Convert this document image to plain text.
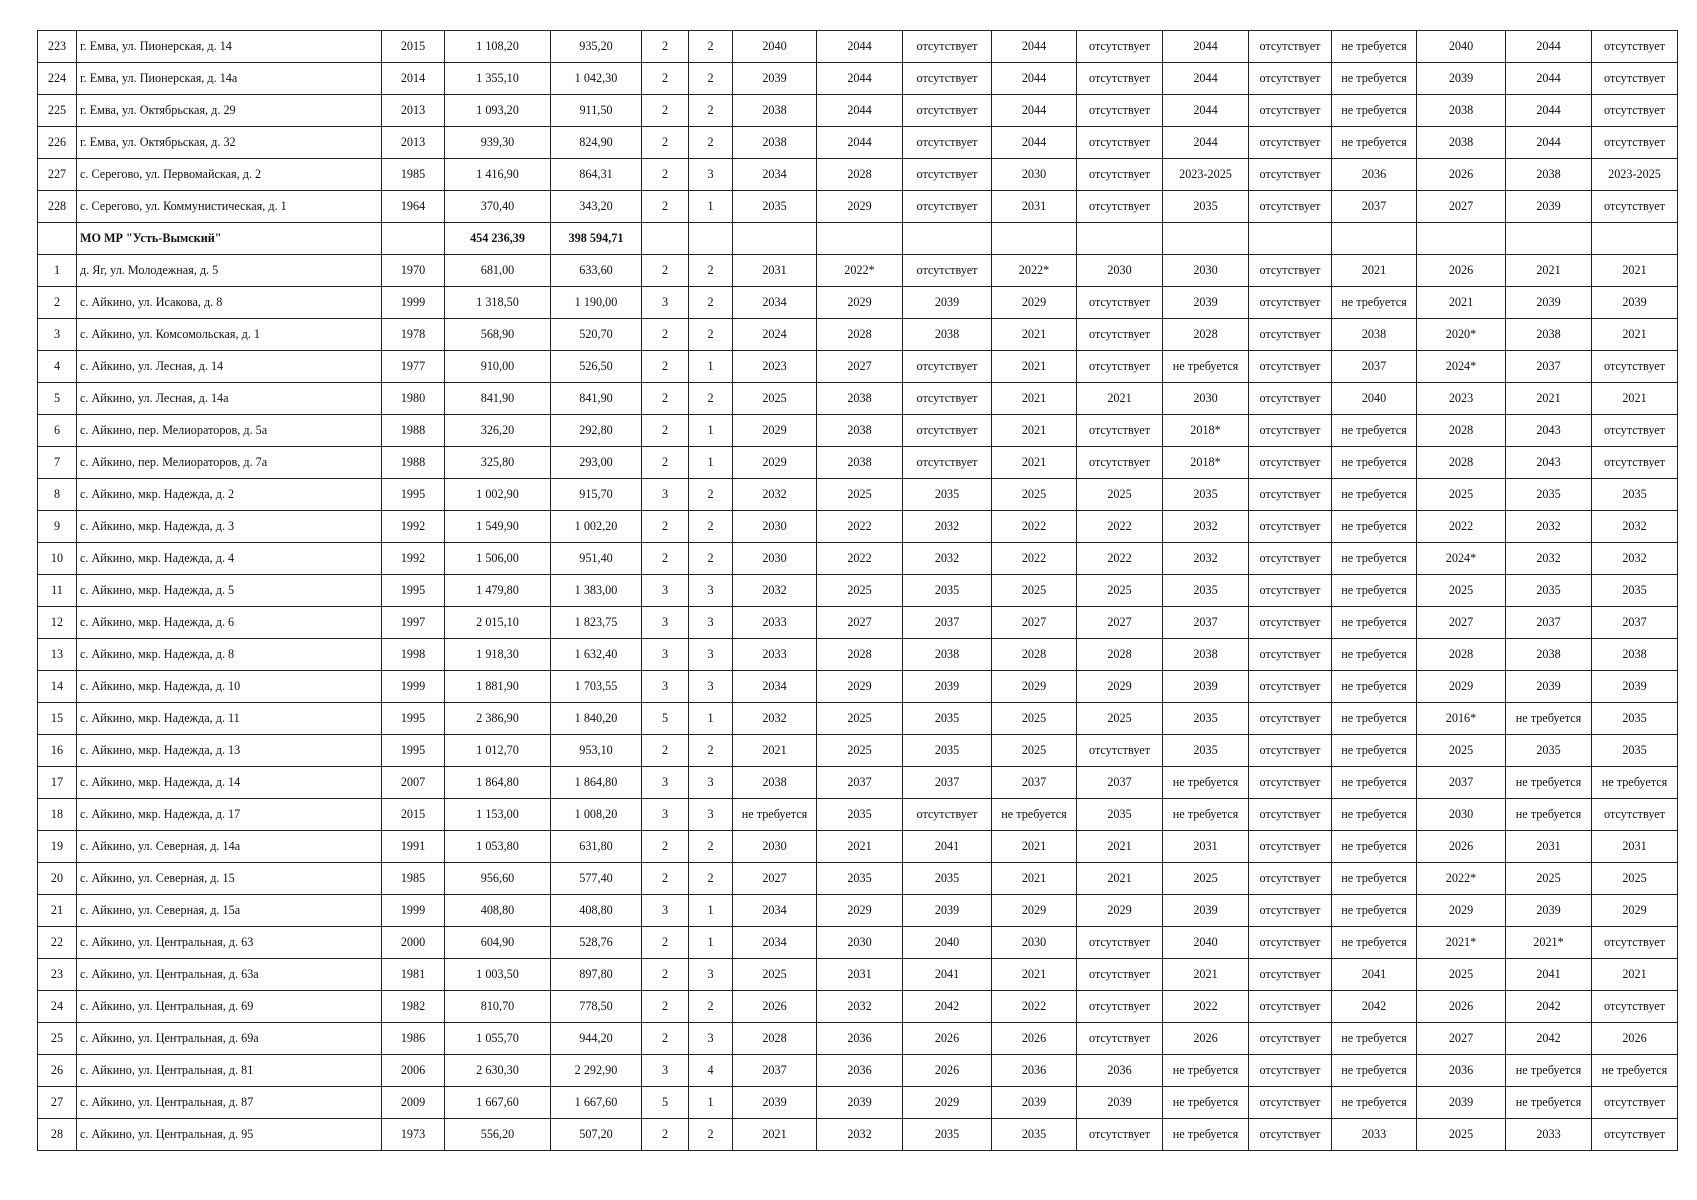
223	г. Емва, ул. Пионерская, д. 14	2015	1 108,20	935,20	2	2	2040	2044	отсутствует	2044	отсутствует	2044	отсутствует	не требуется	2040	2044	отсутствует
224	г. Емва, ул. Пионерская, д. 14а	2014	1 355,10	1 042,30	2	2	2039	2044	отсутствует	2044	отсутствует	2044	отсутствует	не требуется	2039	2044	отсутствует
225	г. Емва, ул. Октябрьская, д. 29	2013	1 093,20	911,50	2	2	2038	2044	отсутствует	2044	отсутствует	2044	отсутствует	не требуется	2038	2044	отсутствует
226	г. Емва, ул. Октябрьская, д. 32	2013	939,30	824,90	2	2	2038	2044	отсутствует	2044	отсутствует	2044	отсутствует	не требуется	2038	2044	отсутствует
227	с. Серегово, ул. Первомайская, д. 2	1985	1 416,90	864,31	2	3	2034	2028	отсутствует	2030	отсутствует	2023-2025	отсутствует	2036	2026	2038	2023-2025
228	с. Серегово, ул. Коммунистическая, д. 1	1964	370,40	343,20	2	1	2035	2029	отсутствует	2031	отсутствует	2035	отсутствует	2037	2027	2039	отсутствует
	МО МР "Усть-Вымский"		454 236,39	398 594,71													
1	д. Яг, ул. Молодежная, д. 5	1970	681,00	633,60	2	2	2031	2022*	отсутствует	2022*	2030	2030	отсутствует	2021	2026	2021	2021
2	с. Айкино, ул. Исакова, д. 8	1999	1 318,50	1 190,00	3	2	2034	2029	2039	2029	отсутствует	2039	отсутствует	не требуется	2021	2039	2039
3	с. Айкино, ул. Комсомольская, д. 1	1978	568,90	520,70	2	2	2024	2028	2038	2021	отсутствует	2028	отсутствует	2038	2020*	2038	2021
4	с. Айкино, ул. Лесная, д. 14	1977	910,00	526,50	2	1	2023	2027	отсутствует	2021	отсутствует	не требуется	отсутствует	2037	2024*	2037	отсутствует
5	с. Айкино, ул. Лесная, д. 14а	1980	841,90	841,90	2	2	2025	2038	отсутствует	2021	2021	2030	отсутствует	2040	2023	2021	2021
6	с. Айкино, пер. Мелиораторов, д. 5а	1988	326,20	292,80	2	1	2029	2038	отсутствует	2021	отсутствует	2018*	отсутствует	не требуется	2028	2043	отсутствует
7	с. Айкино, пер. Мелиораторов, д. 7а	1988	325,80	293,00	2	1	2029	2038	отсутствует	2021	отсутствует	2018*	отсутствует	не требуется	2028	2043	отсутствует
8	с. Айкино, мкр. Надежда, д. 2	1995	1 002,90	915,70	3	2	2032	2025	2035	2025	2025	2035	отсутствует	не требуется	2025	2035	2035
9	с. Айкино, мкр. Надежда, д. 3	1992	1 549,90	1 002,20	2	2	2030	2022	2032	2022	2022	2032	отсутствует	не требуется	2022	2032	2032
10	с. Айкино, мкр. Надежда, д. 4	1992	1 506,00	951,40	2	2	2030	2022	2032	2022	2022	2032	отсутствует	не требуется	2024*	2032	2032
11	с. Айкино, мкр. Надежда, д. 5	1995	1 479,80	1 383,00	3	3	2032	2025	2035	2025	2025	2035	отсутствует	не требуется	2025	2035	2035
12	с. Айкино, мкр. Надежда, д. 6	1997	2 015,10	1 823,75	3	3	2033	2027	2037	2027	2027	2037	отсутствует	не требуется	2027	2037	2037
13	с. Айкино, мкр. Надежда, д. 8	1998	1 918,30	1 632,40	3	3	2033	2028	2038	2028	2028	2038	отсутствует	не требуется	2028	2038	2038
14	с. Айкино, мкр. Надежда, д. 10	1999	1 881,90	1 703,55	3	3	2034	2029	2039	2029	2029	2039	отсутствует	не требуется	2029	2039	2039
15	с. Айкино, мкр. Надежда, д. 11	1995	2 386,90	1 840,20	5	1	2032	2025	2035	2025	2025	2035	отсутствует	не требуется	2016*	не требуется	2035
16	с. Айкино, мкр. Надежда, д. 13	1995	1 012,70	953,10	2	2	2021	2025	2035	2025	отсутствует	2035	отсутствует	не требуется	2025	2035	2035
17	с. Айкино, мкр. Надежда, д. 14	2007	1 864,80	1 864,80	3	3	2038	2037	2037	2037	2037	не требуется	отсутствует	не требуется	2037	не требуется	не требуется
18	с. Айкино, мкр. Надежда, д. 17	2015	1 153,00	1 008,20	3	3	не требуется	2035	отсутствует	не требуется	2035	не требуется	отсутствует	не требуется	2030	не требуется	отсутствует
19	с. Айкино, ул. Северная, д. 14а	1991	1 053,80	631,80	2	2	2030	2021	2041	2021	2021	2031	отсутствует	не требуется	2026	2031	2031
20	с. Айкино, ул. Северная, д. 15	1985	956,60	577,40	2	2	2027	2035	2035	2021	2021	2025	отсутствует	не требуется	2022*	2025	2025
21	с. Айкино, ул. Северная, д. 15а	1999	408,80	408,80	3	1	2034	2029	2039	2029	2029	2039	отсутствует	не требуется	2029	2039	2029
22	с. Айкино, ул. Центральная, д. 63	2000	604,90	528,76	2	1	2034	2030	2040	2030	отсутствует	2040	отсутствует	не требуется	2021*	2021*	отсутствует
23	с. Айкино, ул. Центральная, д. 63а	1981	1 003,50	897,80	2	3	2025	2031	2041	2021	отсутствует	2021	отсутствует	2041	2025	2041	2021
24	с. Айкино, ул. Центральная, д. 69	1982	810,70	778,50	2	2	2026	2032	2042	2022	отсутствует	2022	отсутствует	2042	2026	2042	отсутствует
25	с. Айкино, ул. Центральная, д. 69а	1986	1 055,70	944,20	2	3	2028	2036	2026	2026	отсутствует	2026	отсутствует	не требуется	2027	2042	2026
26	с. Айкино, ул. Центральная, д. 81	2006	2 630,30	2 292,90	3	4	2037	2036	2026	2036	2036	не требуется	отсутствует	не требуется	2036	не требуется	не требуется
27	с. Айкино, ул. Центральная, д. 87	2009	1 667,60	1 667,60	5	1	2039	2039	2029	2039	2039	не требуется	отсутствует	не требуется	2039	не требуется	отсутствует
28	с. Айкино, ул. Центральная, д. 95	1973	556,20	507,20	2	2	2021	2032	2035	2035	отсутствует	не требуется	отсутствует	2033	2025	2033	отсутствует
